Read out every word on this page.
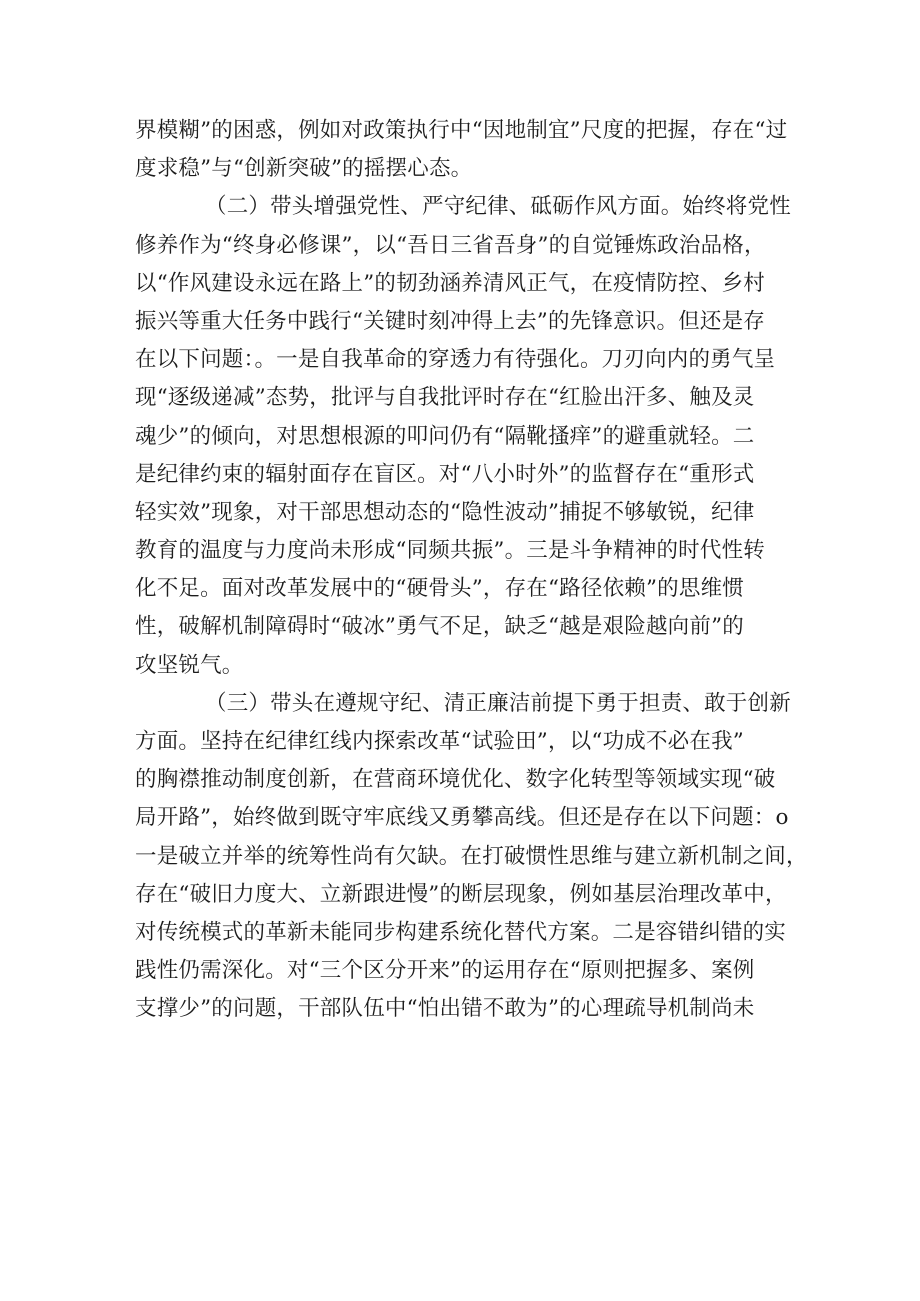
界模糊”的困惑，例如对政策执行中“因地制宜”尺度的把握，存在“过
度求稳”与“创新突破”的摇摆心态。
（二）带头增强党性、严守纪律、砥砺作风方面。始终将党性
修养作为“终身必修课”，以“吾日三省吾身”的自觉锤炼政治品格，
以“作风建设永远在路上”的韧劲涵养清风正气，在疫情防控、乡村
振兴等重大任务中践行“关键时刻冲得上去”的先锋意识。但还是存
在以下问题：。一是自我革命的穿透力有待强化。刀刃向内的勇气呈
现“逐级递减”态势，批评与自我批评时存在“红脸出汗多、触及灵
魂少”的倾向，对思想根源的叩问仍有“隔靴搔痒”的避重就轻。二
是纪律约束的辐射面存在盲区。对“八小时外”的监督存在“重形式
轻实效”现象，对干部思想动态的“隐性波动”捕捉不够敏锐，纪律
教育的温度与力度尚未形成“同频共振”。三是斗争精神的时代性转
化不足。面对改革发展中的“硬骨头”，存在“路径依赖”的思维惯
性，破解机制障碍时“破冰”勇气不足，缺乏“越是艰险越向前”的
攻坚锐气。
（三）带头在遵规守纪、清正廉洁前提下勇于担责、敢于创新
方面。坚持在纪律红线内探索改革“试验田”，以“功成不必在我”
的胸襟推动制度创新，在营商环境优化、数字化转型等领域实现“破
局开路”，始终做到既守牢底线又勇攀高线。但还是存在以下问题：o
一是破立并举的统筹性尚有欠缺。在打破惯性思维与建立新机制之间，
存在“破旧力度大、立新跟进慢”的断层现象，例如基层治理改革中，
对传统模式的革新未能同步构建系统化替代方案。二是容错纠错的实
践性仍需深化。对“三个区分开来”的运用存在“原则把握多、案例
支撑少”的问题，干部队伍中“怕出错不敢为”的心理疏导机制尚未
